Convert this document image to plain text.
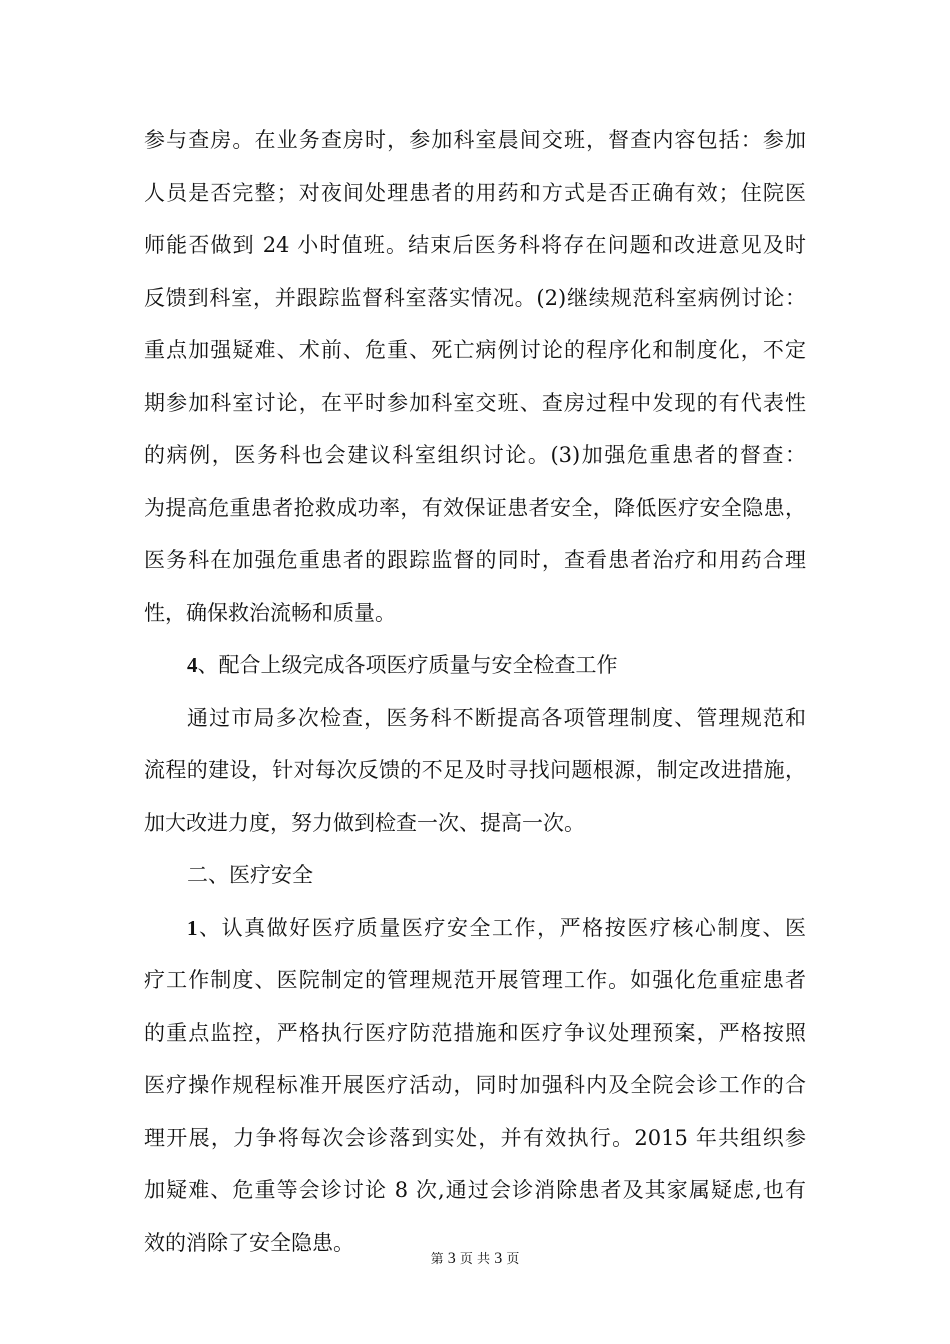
参与查房。在业务查房时，参加科室晨间交班，督查内容包括：参加
人员是否完整；对夜间处理患者的用药和方式是否正确有效；住院医
师能否做到 24 小时值班。结束后医务科将存在问题和改进意见及时
反馈到科室，并跟踪监督科室落实情况。(2)继续规范科室病例讨论：
重点加强疑难、术前、危重、死亡病例讨论的程序化和制度化，不定
期参加科室讨论，在平时参加科室交班、查房过程中发现的有代表性
的病例，医务科也会建议科室组织讨论。(3)加强危重患者的督查：
为提高危重患者抢救成功率，有效保证患者安全，降低医疗安全隐患，
医务科在加强危重患者的跟踪监督的同时，查看患者治疗和用药合理
性，确保救治流畅和质量。
4、配合上级完成各项医疗质量与安全检查工作
通过市局多次检查，医务科不断提高各项管理制度、管理规范和
流程的建设，针对每次反馈的不足及时寻找问题根源，制定改进措施，
加大改进力度，努力做到检查一次、提高一次。
二、医疗安全
1、认真做好医疗质量医疗安全工作，严格按医疗核心制度、医
疗工作制度、医院制定的管理规范开展管理工作。如强化危重症患者
的重点监控，严格执行医疗防范措施和医疗争议处理预案，严格按照
医疗操作规程标准开展医疗活动，同时加强科内及全院会诊工作的合
理开展，力争将每次会诊落到实处，并有效执行。2015 年共组织参
加疑难、危重等会诊讨论 8 次,通过会诊消除患者及其家属疑虑,也有
效的消除了安全隐患。
第 3 页 共 3 页
